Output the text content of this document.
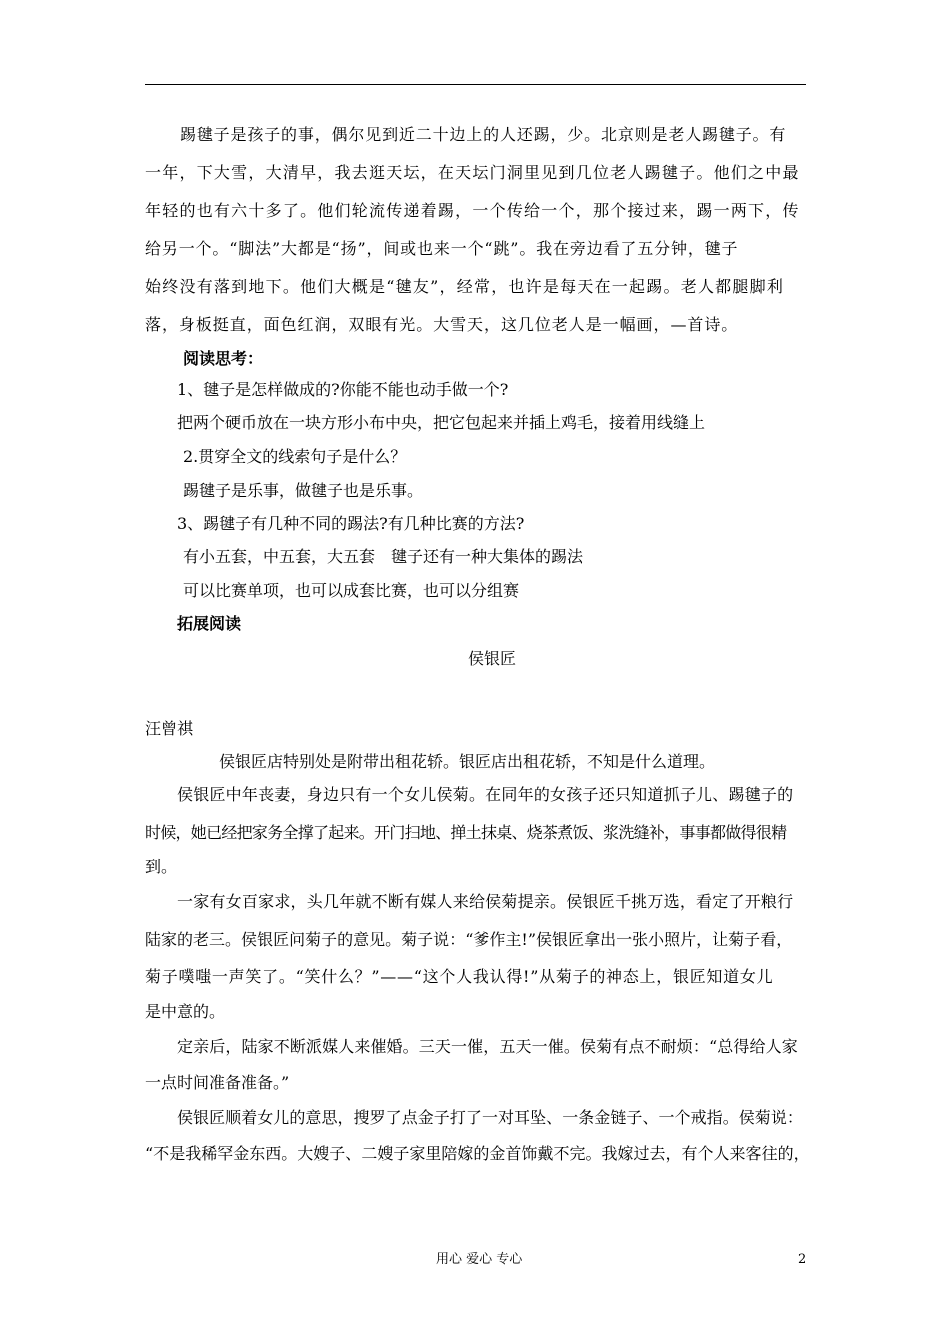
踢毽子是孩子的事，偶尔见到近二十边上的人还踢，少。北京则是老人踢毽子。有
一年，下大雪，大清早，我去逛天坛，在天坛门洞里见到几位老人踢毽子。他们之中最
年轻的也有六十多了。他们轮流传递着踢，一个传给一个，那个接过来，踢一两下，传
给另一个。“脚法”大都是“扬”，间或也来一个“跳”。我在旁边看了五分钟，毽子
始终没有落到地下。他们大概是“毽友”，经常，也许是每天在一起踢。老人都腿脚利
落，身板挺直，面色红润，双眼有光。大雪天，这几位老人是一幅画，—首诗。
阅读思考：
1、毽子是怎样做成的?你能不能也动手做一个?
把两个硬币放在一块方形小布中央，把它包起来并插上鸡毛，接着用线缝上
2.贯穿全文的线索句子是什么？
踢毽子是乐事，做毽子也是乐事。
3、踢毽子有几种不同的踢法?有几种比赛的方法?
有小五套，中五套，大五套　毽子还有一种大集体的踢法
可以比赛单项，也可以成套比赛，也可以分组赛
拓展阅读
侯银匠
汪曾祺
侯银匠店特别处是附带出租花轿。银匠店出租花轿，不知是什么道理。
侯银匠中年丧妻，身边只有一个女儿侯菊。在同年的女孩子还只知道抓子儿、踢毽子的
时候，她已经把家务全撑了起来。开门扫地、掸土抹桌、烧茶煮饭、浆洗缝补，事事都做得很精
到。
一家有女百家求，头几年就不断有媒人来给侯菊提亲。侯银匠千挑万选，看定了开粮行
陆家的老三。侯银匠问菊子的意见。菊子说：“爹作主!”侯银匠拿出一张小照片，让菊子看，
菊子噗嗤一声笑了。“笑什么？”——“这个人我认得!”从菊子的神态上，银匠知道女儿
是中意的。
定亲后，陆家不断派媒人来催婚。三天一催，五天一催。侯菊有点不耐烦：“总得给人家
一点时间准备准备。”
侯银匠顺着女儿的意思，搜罗了点金子打了一对耳坠、一条金链子、一个戒指。侯菊说：
“不是我稀罕金东西。大嫂子、二嫂子家里陪嫁的金首饰戴不完。我嫁过去，有个人来客往的，
用心 爱心 专心	2
